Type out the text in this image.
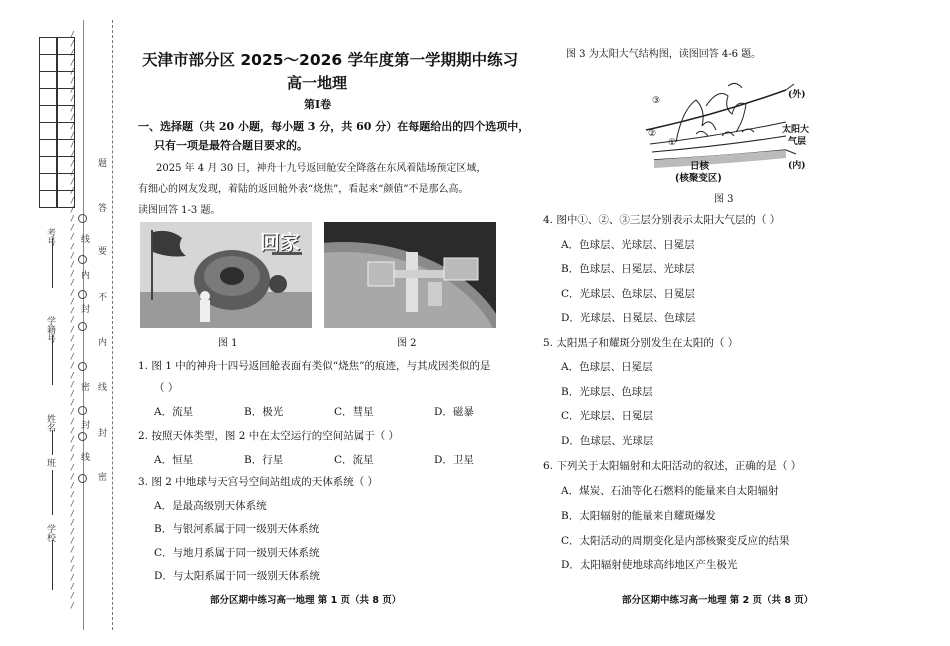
/
/
/
/
/
/
/
/
/
/
/
/
/
/
/
/
/
/
/
/
/
/
/
/
/
/
/
/
/
/
/
/
/
/
/
/
/
/
/
/
/
/
/
/
/
/
/
/
/
/
/
/
/
/
/
/
/
/
/
/
/
/
/
考号
学籍号
姓名
班
学校
线
内
封
密
封
线
题
答
要
不
内
线
封
密
天津市部分区 2025～2026 学年度第一学期期中练习
高一地理
第Ⅰ卷
一、选择题（共 20 小题，每小题 3 分，共 60 分）在每题给出的四个选项中，
只有一项是最符合题目要求的。
2025 年 4 月 30 日，神舟十九号返回舱安全降落在东风着陆场预定区域，
有细心的网友发现，着陆的返回舱外表“烧焦”，看起来“颜值”不是那么高。
读图回答 1-3 题。
回家
图 1	图 2
1. 图 1 中的神舟十四号返回舱表面有类似“烧焦”的痕迹，与其成因类似的是
（ ）
A．流星	B．极光	C．彗星	D．磁暴
2. 按照天体类型，图 2 中在太空运行的空间站属于（ ）
A．恒星	B．行星	C．流星	D．卫星
3. 图 2 中地球与天宫号空间站组成的天体系统（ ）
A．是最高级别天体系统
B．与银河系属于同一级别天体系统
C．与地月系属于同一级别天体系统
D．与太阳系属于同一级别天体系统
部分区期中练习高一地理 第 1 页（共 8 页）
图 3 为太阳大气结构图，读图回答 4-6 题。
③
②
①
(外)
(内)
太阳大
气层
日核
(核聚变区)
图 3
4. 图中①、②、③三层分别表示太阳大气层的（ ）
A．色球层、光球层、日冕层
B．色球层、日冕层、光球层
C．光球层、色球层、日冕层
D．光球层、日冕层、色球层
5. 太阳黑子和耀斑分别发生在太阳的（ ）
A．色球层、日冕层
B．光球层、色球层
C．光球层、日冕层
D．色球层、光球层
6. 下列关于太阳辐射和太阳活动的叙述，正确的是（ ）
A．煤炭、石油等化石燃料的能量来自太阳辐射
B．太阳辐射的能量来自耀斑爆发
C．太阳活动的周期变化是内部核聚变反应的结果
D．太阳辐射使地球高纬地区产生极光
部分区期中练习高一地理 第 2 页（共 8 页）
